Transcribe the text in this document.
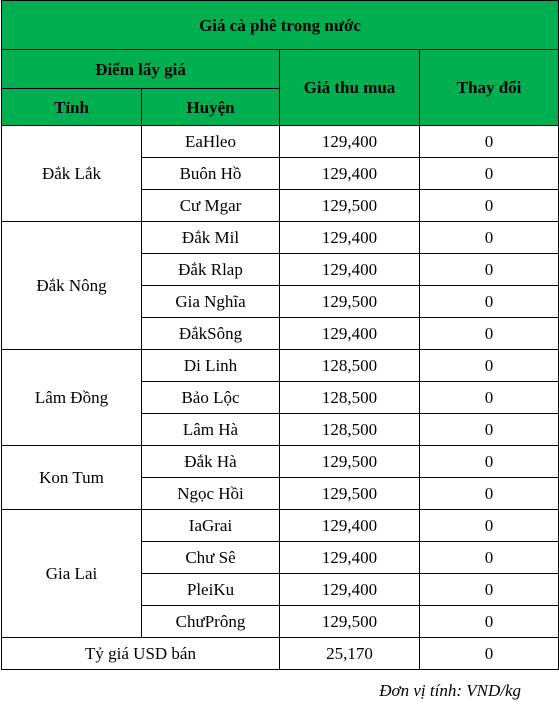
Giá cà phê trong nước			
Điểm lấy giá		Giá thu mua	Thay đổi
Tỉnh	Huyện		
Đắk Lắk	EaHleo	129,400	0
	Buôn Hồ	129,400	0
	Cư Mgar	129,500	0
Đắk Nông	Đắk Mil	129,400	0
	Đắk Rlap	129,400	0
	Gia Nghĩa	129,500	0
	ĐắkSông	129,400	0
Lâm Đồng	Di Linh	128,500	0
	Bảo Lộc	128,500	0
	Lâm Hà	128,500	0
Kon Tum	Đắk Hà	129,500	0
	Ngọc Hồi	129,500	0
Gia Lai	IaGrai	129,400	0
	Chư Sê	129,400	0
	PleiKu	129,400	0
	ChưPrông	129,500	0
Tỷ giá USD bán		25,170	0
Đơn vị tính: VND/kg
